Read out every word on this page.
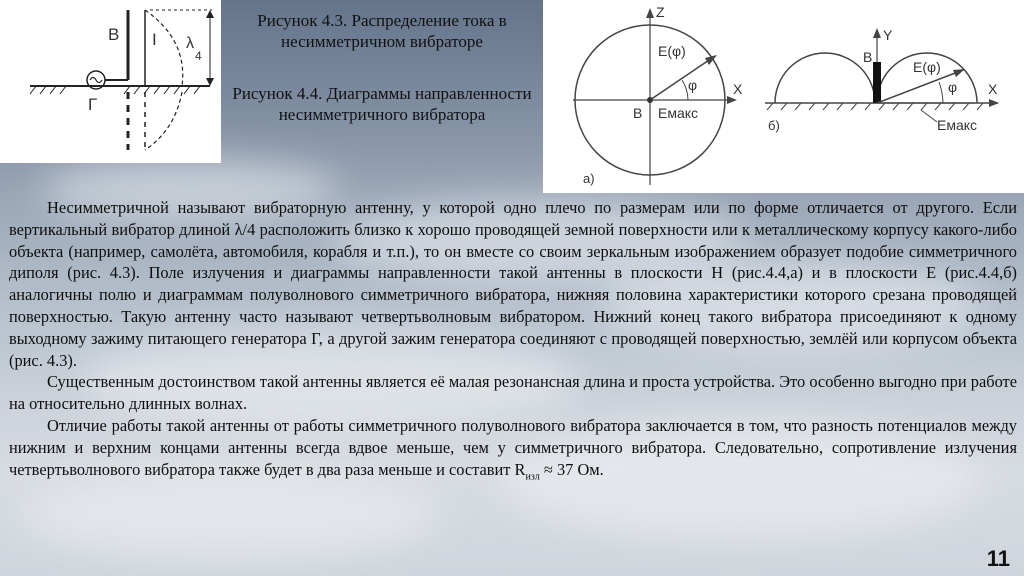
В I λ
4
Г
Рисунок 4.3. Распределение тока в несимметричном вибраторе
Рисунок 4.4. Диаграммы направленности несимметричного вибратора
Z
E(φ)
φ	X
В Eмакс
а)
Y
В
E(φ)
φ X
Eмакс
б)

Несимметричной называют вибраторную антенну, у которой одно плечо по размерам или по форме отличается от другого. Если вертикальный вибратор длиной λ/4 расположить близко к хорошо проводящей земной поверхности или к металлическому корпусу какого-либо объекта (например, самолёта, автомобиля, корабля и т.п.), то он вместе со своим зеркальным изображением образует подобие симметричного диполя (рис. 4.3). Поле излучения и диаграммы направленности такой антенны в плоскости Н (рис.4.4,а) и в плоскости Е (рис.4.4,б) аналогичны полю и диаграммам полуволнового симметричного вибратора, нижняя половина характеристики которого срезана проводящей поверхностью. Такую антенну часто называют четвертьволновым вибратором. Нижний конец такого вибратора присоединяют к одному выходному зажиму питающего генератора Г, а другой зажим генератора соединяют с проводящей поверхностью, землёй или корпусом объекта (рис. 4.3).

Существенным достоинством такой антенны является её малая резонансная длина и проста устройства. Это особенно выгодно при работе на относительно длинных волнах.

Отличие работы такой антенны от работы симметричного полуволнового вибратора заключается в том, что разность потенциалов между нижним и верхним концами антенны всегда вдвое меньше, чем у симметричного вибратора. Следовательно, сопротивление излучения четвертьволнового вибратора также будет в два раза меньше и составит $R_{изл} \approx 37$ Ом.

11
